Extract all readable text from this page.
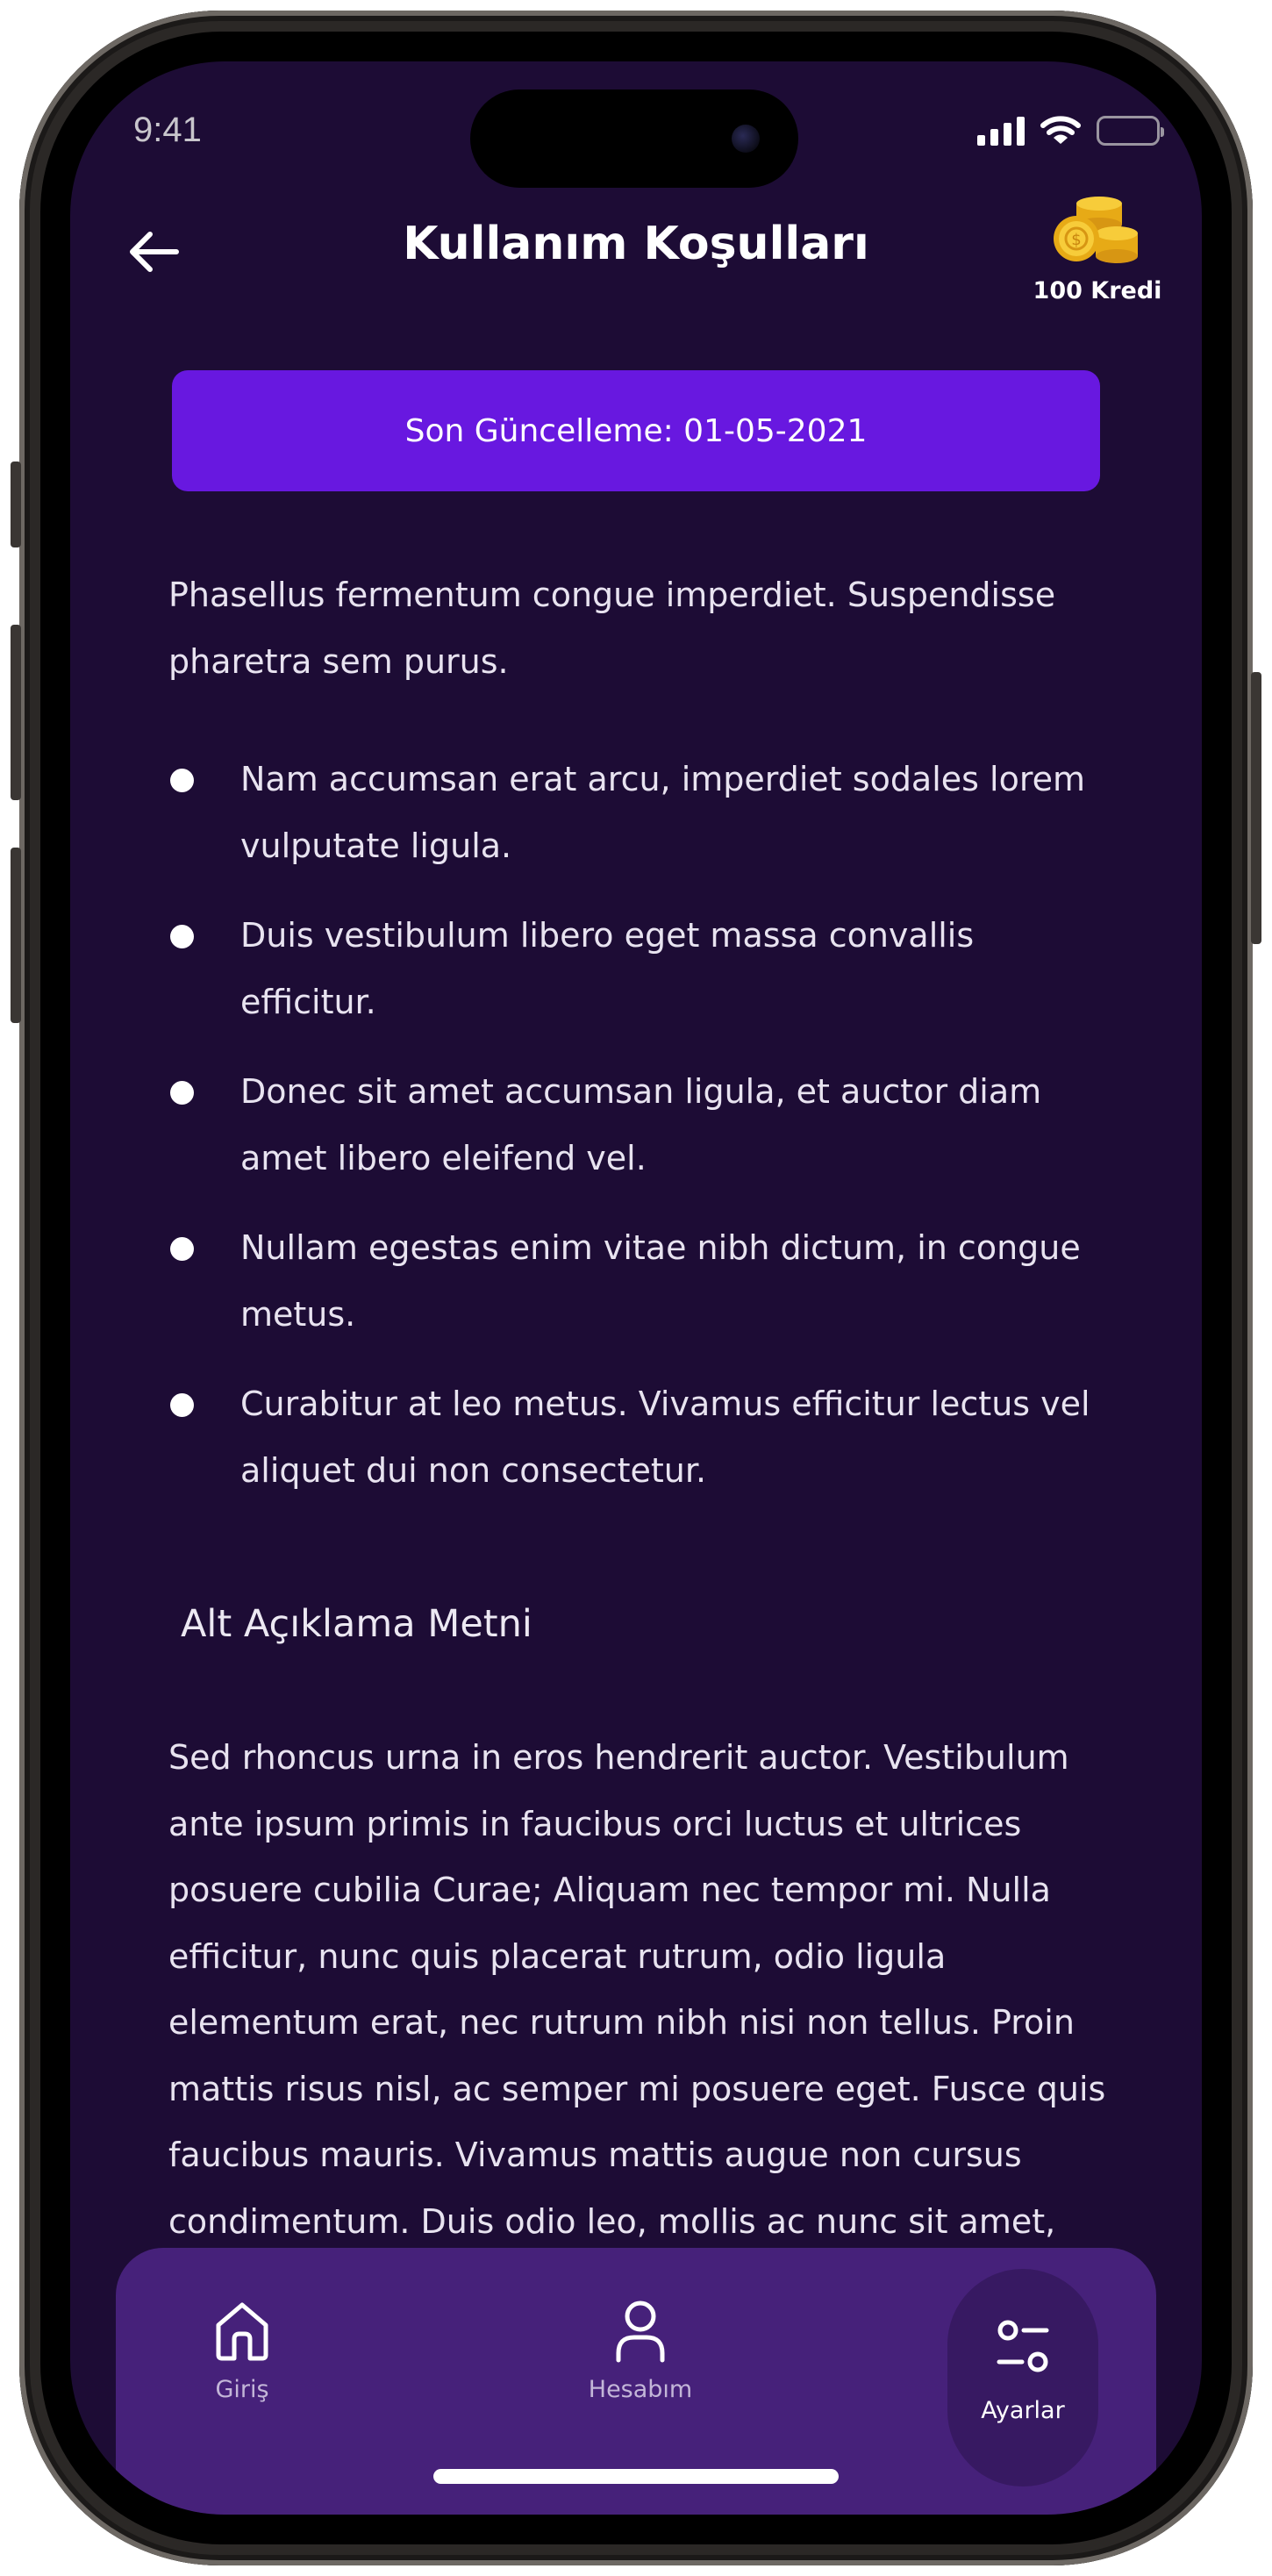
9:41
Kullanım Koşulları	$
100 Kredi
Son Güncelleme: 01-05-2021

Phasellus fermentum congue imperdiet. Suspendisse pharetra sem purus.

Nam accumsan erat arcu, imperdiet sodales lorem vulputate ligula.
Duis vestibulum libero eget massa convallis efficitur.
Donec sit amet accumsan ligula, et auctor diam amet libero eleifend vel.
Nullam egestas enim vitae nibh dictum, in congue metus.
Curabitur at leo metus. Vivamus efficitur lectus vel aliquet dui non consectetur.
Alt Açıklama Metni

Sed rhoncus urna in eros hendrerit auctor. Vestibulum ante ipsum primis in faucibus orci luctus et ultrices posuere cubilia Curae; Aliquam nec tempor mi. Nulla efficitur, nunc quis placerat rutrum, odio ligula elementum erat, nec rutrum nibh nisi non tellus. Proin mattis risus nisl, ac semper mi posuere eget. Fusce quis faucibus mauris. Vivamus mattis augue non cursus condimentum. Duis odio leo, mollis ac nunc sit amet,

Giriş	Hesabım
Ayarlar
